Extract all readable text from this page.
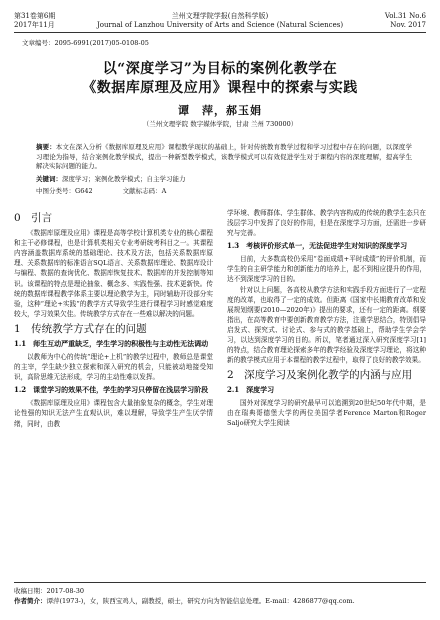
第31卷第6期
2017年11月
兰州文理学院学报(自然科学版)
Journal of Lanzhou University of Arts and Science (Natural Sciences)
Vol.31 No.6
Nov. 2017
文章编号：2095-6991(2017)05-0108-05
以“深度学习”为目标的案例化教学在
《数据库原理及应用》课程中的探索与实践
谭　萍，郝玉娟
（兰州文理学院 数字媒体学院，甘肃 兰州 730000）
摘要：本文在深入分析《数据库原理及应用》课程教学现状的基础上，针对传统教育教学过程和学习过程中存在的问题，以深度学习理论为指导，结合案例化教学模式，提出一种新型教学模式，该教学模式可以有效促进学生对于课程内容的深度理解，提高学生解决实际问题的能力。
关键词：深度学习；案例化教学模式；自主学习能力
中图分类号：G642	文献标志码：A
0　引言

《数据库原理及应用》课程是高等学校计算机类专业的核心课程和主干必修课程，也是计算机类相关专业考研统考科目之一。其课程内容涵盖数据库系统的基础理论、技术及方法，包括关系数据库原理、关系数据库的标准语言SQL语言、关系数据库理论、数据库设计与编程、数据的查询优化、数据库恢复技术、数据库的并发控制等知识。该课程的特点是理论抽象、概念多、实践性强、技术更新快。传统的数据库课程教学体系主要以理论教学为主，同时辅助开设部分实验，这种“理论+实践”的教学方式导致学生进行课程学习时感觉难度较大，学习效果欠佳。传统教学方式存在一些难以解决的问题。

1　传统教学方式存在的问题
1.1　师生互动严重缺乏，学生学习的积极性与主动性无法调动

以教师为中心的传统“理论+上机”的教学过程中，教师总是课堂的主宰，学生缺少独立探索和深入研究的机会，只能被动地接受知识，高阶思维无法形成，学习的主动性难以发挥。

1.2　课堂学习的效果不佳，学生的学习只停留在浅层学习阶段

《数据库原理及应用》课程包含大量抽象复杂的概念，学生对理论性强的知识无法产生直观认识，难以理解，导致学生产生厌学情绪，同时，由教

学环境、教师群体、学生群体、教学内容构成的传统的教学生态只在浅层学习中发挥了良好的作用，但是在深度学习方面，还需进一步研究与完善。

1.3　考核评价形式单一，无法促进学生对知识的深度学习

目前，大多数高校仍采用“卷面成绩+平时成绩”的评价机制，而学生的自主研学能力和创新能力的培养上，起不到相应提升的作用，达不到深度学习的目的。

针对以上问题，各高校从教学方法和实践手段方面进行了一定程度的改革，也取得了一定的成效。但距离《国家中长期教育改革和发展规划纲要(2010—2020年)》提出的要求，还有一定的距离。纲要指出，在高等教育中要创新教育教学方法，注重学思结合，特别倡导启发式、探究式、讨论式、参与式的教学基础上，帮助学生学会学习，以达到深度学习的目的。所以，笔者通过深入研究深度学习[1]的特点，结合教育理论探索多年的教学经验及深度学习理论，将这种新的教学模式应用于本课程的教学过程中，取得了良好的教学效果。

2　深度学习及案例化教学的内涵与应用
2.1　深度学习

国外对深度学习的研究最早可以追溯到20世纪50年代中期，是由在瑞典哥德堡大学的两位美国学者Ference Marton和Roger Saljo研究大学生阅读

收稿日期：2017-08-30
作者简介：谭萍(1973-)，女，陕西宝鸡人，副教授，硕士，研究方向为智能信息处理。E-mail：4286877@qq.com.
